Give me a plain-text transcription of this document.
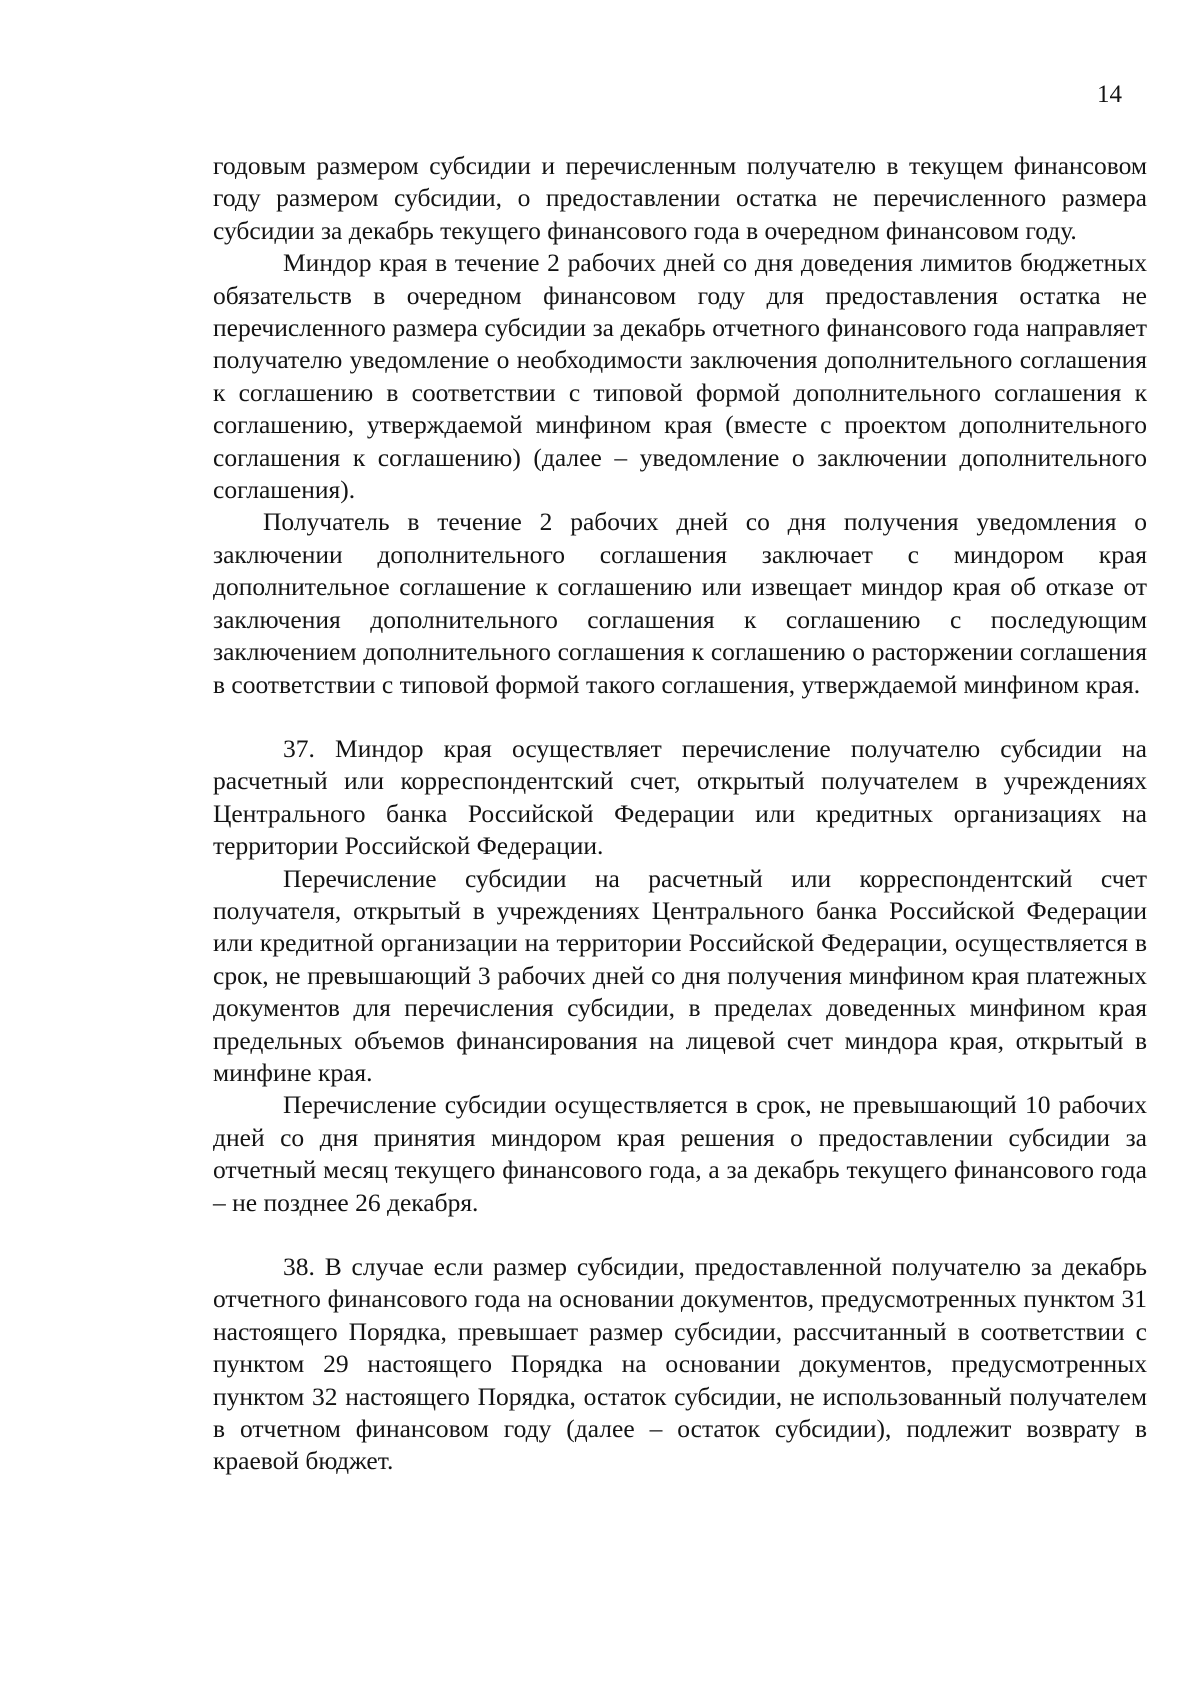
14

годовым размером субсидии и перечисленным получателю в текущем финансовом году размером субсидии, о предоставлении остатка не перечисленного размера субсидии за декабрь текущего финансового года в очередном финансовом году.

Миндор края в течение 2 рабочих дней со дня доведения лимитов бюджетных обязательств в очередном финансовом году для предоставления остатка не перечисленного размера субсидии за декабрь отчетного финансового года направляет получателю уведомление о необходимости заключения дополнительного соглашения к соглашению в соответствии с типовой формой дополнительного соглашения к соглашению, утверждаемой минфином края (вместе с проектом дополнительного соглашения к соглашению) (далее – уведомление о заключении дополнительного соглашения).

Получатель в течение 2 рабочих дней со дня получения уведомления о заключении дополнительного соглашения заключает с миндором края дополнительное соглашение к соглашению или извещает миндор края об отказе от заключения дополнительного соглашения к соглашению с последующим заключением дополнительного соглашения к соглашению о расторжении соглашения в соответствии с типовой формой такого соглашения, утверждаемой минфином края.

37. Миндор края осуществляет перечисление получателю субсидии на расчетный или корреспондентский счет, открытый получателем в учреждениях Центрального банка Российской Федерации или кредитных организациях на территории Российской Федерации.

Перечисление субсидии на расчетный или корреспондентский счет получателя, открытый в учреждениях Центрального банка Российской Федерации или кредитной организации на территории Российской Федерации, осуществляется в срок, не превышающий 3 рабочих дней со дня получения минфином края платежных документов для перечисления субсидии, в пределах доведенных минфином края предельных объемов финансирования на лицевой счет миндора края, открытый в минфине края.

Перечисление субсидии осуществляется в срок, не превышающий 10 рабочих дней со дня принятия миндором края решения о предоставлении субсидии за отчетный месяц текущего финансового года, а за декабрь текущего финансового года – не позднее 26 декабря.

38. В случае если размер субсидии, предоставленной получателю за декабрь отчетного финансового года на основании документов, предусмотренных пунктом 31 настоящего Порядка, превышает размер субсидии, рассчитанный в соответствии с пунктом 29 настоящего Порядка на основании документов, предусмотренных пунктом 32 настоящего Порядка, остаток субсидии, не использованный получателем в отчетном финансовом году (далее – остаток субсидии), подлежит возврату в краевой бюджет.
